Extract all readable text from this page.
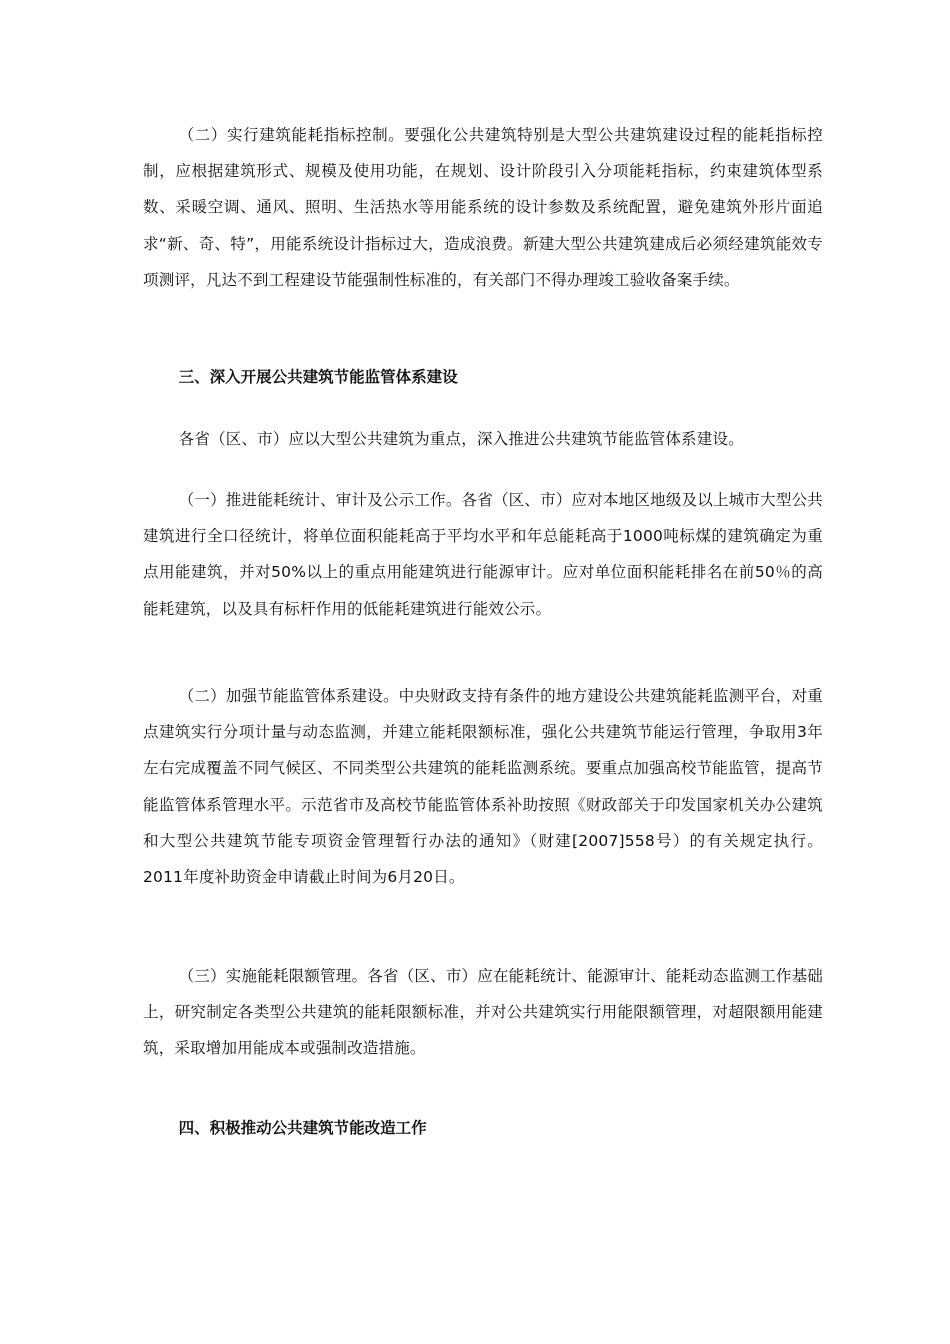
（二）实行建筑能耗指标控制。要强化公共建筑特别是大型公共建筑建设过程的能耗指标控制，应根据建筑形式、规模及使用功能，在规划、设计阶段引入分项能耗指标，约束建筑体型系数、采暖空调、通风、照明、生活热水等用能系统的设计参数及系统配置，避免建筑外形片面追求“新、奇、特”，用能系统设计指标过大，造成浪费。新建大型公共建筑建成后必须经建筑能效专项测评，凡达不到工程建设节能强制性标准的，有关部门不得办理竣工验收备案手续。

三、深入开展公共建筑节能监管体系建设

各省（区、市）应以大型公共建筑为重点，深入推进公共建筑节能监管体系建设。

（一）推进能耗统计、审计及公示工作。各省（区、市）应对本地区地级及以上城市大型公共建筑进行全口径统计，将单位面积能耗高于平均水平和年总能耗高于1000吨标煤的建筑确定为重点用能建筑，并对50%以上的重点用能建筑进行能源审计。应对单位面积能耗排名在前50％的高能耗建筑，以及具有标杆作用的低能耗建筑进行能效公示。

（二）加强节能监管体系建设。中央财政支持有条件的地方建设公共建筑能耗监测平台，对重点建筑实行分项计量与动态监测，并建立能耗限额标准，强化公共建筑节能运行管理，争取用3年左右完成覆盖不同气候区、不同类型公共建筑的能耗监测系统。要重点加强高校节能监管，提高节能监管体系管理水平。示范省市及高校节能监管体系补助按照《财政部关于印发国家机关办公建筑和大型公共建筑节能专项资金管理暂行办法的通知》（财建[2007]558号）的有关规定执行。2011年度补助资金申请截止时间为6月20日。

（三）实施能耗限额管理。各省（区、市）应在能耗统计、能源审计、能耗动态监测工作基础上，研究制定各类型公共建筑的能耗限额标准，并对公共建筑实行用能限额管理，对超限额用能建筑，采取增加用能成本或强制改造措施。

四、积极推动公共建筑节能改造工作
